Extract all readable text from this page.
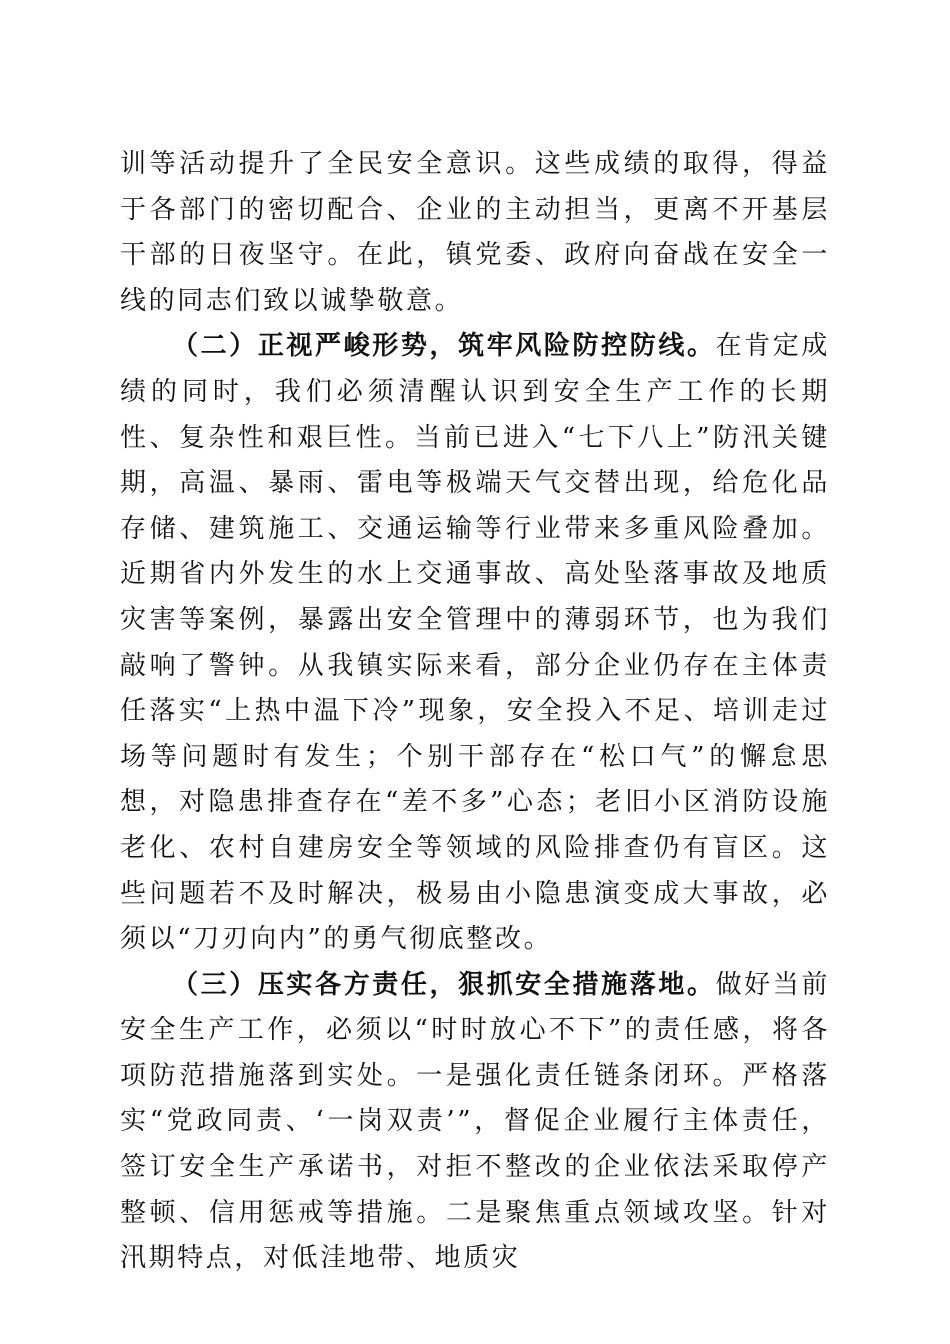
训等活动提升了全民安全意识。这些成绩的取得，得益于各部门的密切配合、企业的主动担当，更离不开基层干部的日夜坚守。在此，镇党委、政府向奋战在安全一线的同志们致以诚挚敬意。

（二）正视严峻形势，筑牢风险防控防线。在肯定成绩的同时，我们必须清醒认识到安全生产工作的长期性、复杂性和艰巨性。当前已进入“七下八上”防汛关键期，高温、暴雨、雷电等极端天气交替出现，给危化品存储、建筑施工、交通运输等行业带来多重风险叠加。近期省内外发生的水上交通事故、高处坠落事故及地质灾害等案例，暴露出安全管理中的薄弱环节，也为我们敲响了警钟。从我镇实际来看，部分企业仍存在主体责任落实“上热中温下冷”现象，安全投入不足、培训走过场等问题时有发生；个别干部存在“松口气”的懈怠思想，对隐患排查存在“差不多”心态；老旧小区消防设施老化、农村自建房安全等领域的风险排查仍有盲区。这些问题若不及时解决，极易由小隐患演变成大事故，必须以“刀刃向内”的勇气彻底整改。

（三）压实各方责任，狠抓安全措施落地。做好当前安全生产工作，必须以“时时放心不下”的责任感，将各项防范措施落到实处。一是强化责任链条闭环。严格落实“党政同责、‘一岗双责’”，督促企业履行主体责任，签订安全生产承诺书，对拒不整改的企业依法采取停产整顿、信用惩戒等措施。二是聚焦重点领域攻坚。针对汛期特点，对低洼地带、地质灾
